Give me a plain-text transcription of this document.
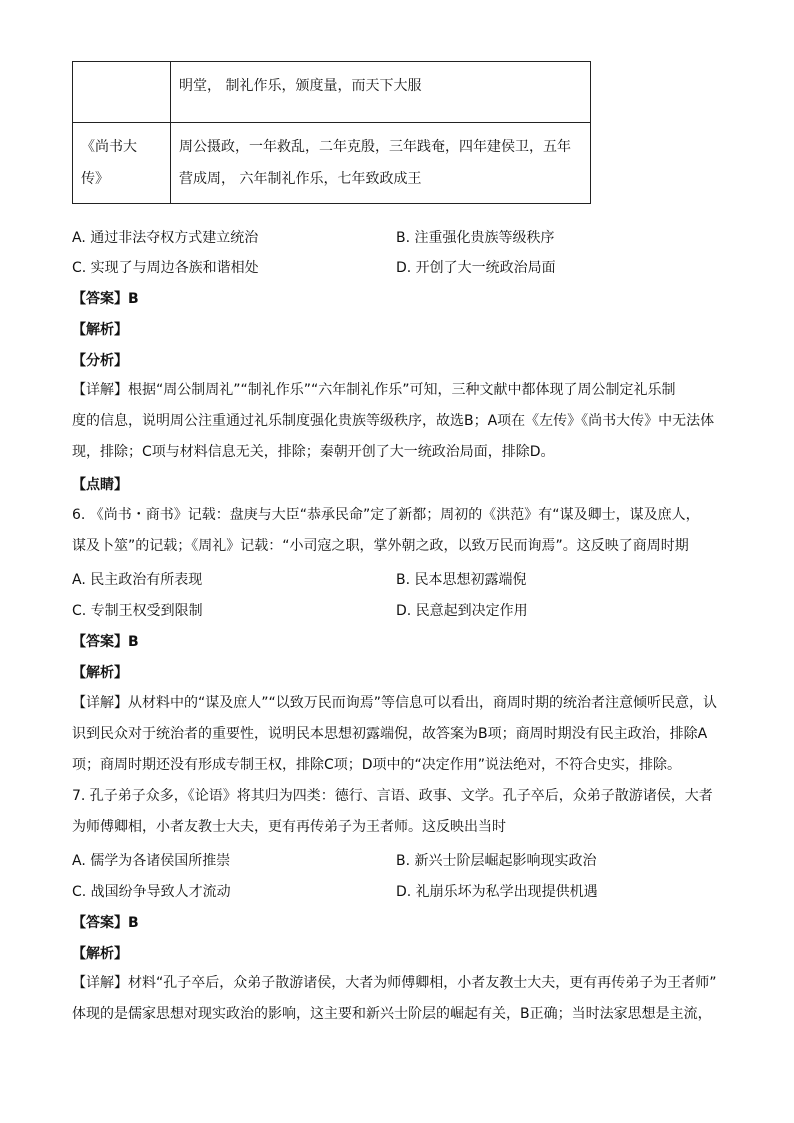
	明堂， 制礼作乐，颁度量，而天下大服

《尚书大
传》	周公摄政，一年救乱，二年克殷，三年践奄，四年建侯卫，五年
营成周， 六年制礼作乐，七年致政成王
A. 通过非法夺权方式建立统治	B. 注重强化贵族等级秩序
C. 实现了与周边各族和谐相处	D. 开创了大一统政治局面
【答案】B
【解析】
【分析】
【详解】根据“周公制周礼”“制礼作乐”“六年制礼作乐”可知，三种文献中都体现了周公制定礼乐制
度的信息，说明周公注重通过礼乐制度强化贵族等级秩序，故选B；A项在《左传》《尚书大传》中无法体
现，排除；C项与材料信息无关，排除；秦朝开创了大一统政治局面，排除D。
【点睛】
6. 《尚书・商书》记载：盘庚与大臣“恭承民命”定了新都；周初的《洪范》有“谋及卿士，谋及庶人，
谋及卜筮”的记载；《周礼》记载：“小司寇之职，掌外朝之政，以致万民而询焉”。这反映了商周时期
A. 民主政治有所表现	B. 民本思想初露端倪
C. 专制王权受到限制	D. 民意起到决定作用
【答案】B
【解析】
【详解】从材料中的“谋及庶人”“以致万民而询焉”等信息可以看出，商周时期的统治者注意倾听民意，认
识到民众对于统治者的重要性，说明民本思想初露端倪，故答案为B项；商周时期没有民主政治，排除A
项；商周时期还没有形成专制王权，排除C项；D项中的“决定作用”说法绝对，不符合史实，排除。
7. 孔子弟子众多，《论语》将其归为四类：德行、言语、政事、文学。孔子卒后，众弟子散游诸侯，大者
为师傅卿相，小者友教士大夫，更有再传弟子为王者师。这反映出当时
A. 儒学为各诸侯国所推崇	B. 新兴士阶层崛起影响现实政治
C. 战国纷争导致人才流动	D. 礼崩乐坏为私学出现提供机遇
【答案】B
【解析】
【详解】材料“孔子卒后，众弟子散游诸侯，大者为师傅卿相，小者友教士大夫，更有再传弟子为王者师”
体现的是儒家思想对现实政治的影响，这主要和新兴士阶层的崛起有关，B正确；当时法家思想是主流，
